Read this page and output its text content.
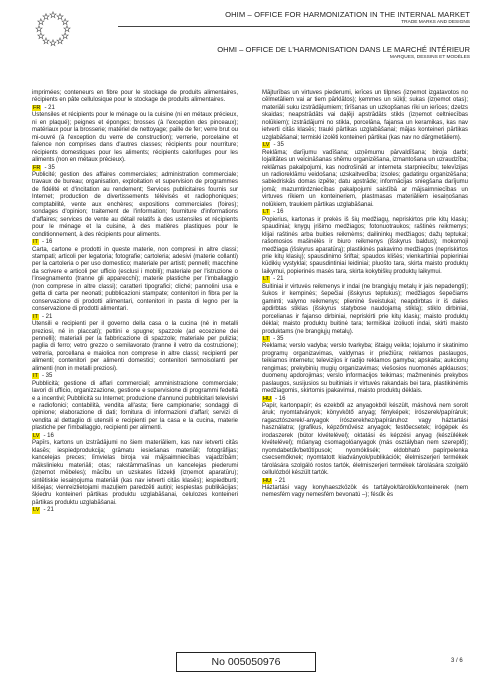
OHIM – OFFICE FOR HARMONIZATION IN THE INTERNAL MARKET
TRADE MARKS AND DESIGNS
OHMI – OFFICE DE L'HARMONISATION DANS LE MARCHÉ INTÉRIEUR
MARQUES, DESSINS ET MODÈLES
imprimées; conteneurs en fibre pour le stockage de produits alimentaires, récipients en pâte cellulosique pour le stockage de produits alimentaires.
FR - 21
Ustensiles et récipients pour le ménage ou la cuisine (ni en métaux précieux, ni en plaqué); peignes et éponges; brosses (à l'exception des pinceaux); matériaux pour la brosserie; matériel de nettoyage; paille de fer; verre brut ou mi-ouvré (à l'exception du verre de construction); verrerie, porcelaine et faïence non comprises dans d'autres classes; récipients pour nourriture; récipients domestiques pour les aliments; récipients calorifuges pour les aliments (non en métaux précieux).
FR - 35
Publicité; gestion des affaires commerciales; administration commerciale; travaux de bureau; organisation, exploitation et supervision de programmes de fidélité et d'incitation au rendement; Services publicitaires fournis sur Internet; production de divertissements télévisés et radiophoniques; comptabilité, vente aux enchères; expositions commerciales (foires); sondages d'opinion; traitement de l'information; fourniture d'informations d'affaires; services de vente au détail relatifs à des ustensiles et récipients pour le ménage et la cuisine, à des matières plastiques pour le conditionnement, à des récipients pour aliments.
IT - 16
Carta, cartone e prodotti in queste materie, non compresi in altre classi; stampati; articoli per legatoria; fotografie; cartoleria; adesivi (materie collanti) per la cartoleria o per uso domestico; materiale per artisti; pennelli; macchine da scrivere e articoli per ufficio (esclusi i mobili); materiale per l'istruzione o l'insegnamento (tranne gli apparecchi); materie plastiche per l'imballaggio (non comprese in altre classi); caratteri tipografici; cliché; pannolini usa e getta di carta per neonati; pubblicazioni stampate; contenitori in fibra per la conservazione di prodotti alimentari, contenitori in pasta di legno per la conservazione di prodotti alimentari.
IT - 21
Utensili e recipienti per il governo della casa o la cucina (né in metalli preziosi, né in placcati); pettini e spugne; spazzole (ad eccezione dei pennelli); materiali per la fabbricazione di spazzole; materiale per pulizia; paglia di ferro; vetro grezzo o semilavorato (tranne il vetro da costruzione); vetreria, porcellana e maiolica non comprese in altre classi; recipienti per alimenti; contenitori per alimenti domestici; contenitori termoisolanti per alimenti (non in metalli preziosi).
IT - 35
Pubblicità; gestione di affari commerciali; amministrazione commerciale; lavori di ufficio, organizzazione, gestione e supervisione di programmi fedeltà e a incentivi; Pubblicità su Internet; produzione d'annunci pubblicitari televisivi e radiofonici; contabilità, vendita all'asta; fiere campionarie; sondaggi di opinione; elaborazione di dati; fornitura di informazioni d'affari; servizi di vendita al dettaglio di utensili e recipienti per la casa e la cucina, materie plastiche per l'imballaggio, recipienti per alimenti.
LV - 16
Papīrs, kartons un izstrādājumi no šiem materiāliem, kas nav ietverti citās klasēs; iespiedprodukcija; grāmatu iesiešanas materiāli; fotogrāfijas; kancelejas preces; līmvielas biroja vai mājsaimniecības vajadzībām; mākslinieku materiāli; otas; rakstāmmašīnas un kancelejas piederumi (izņemot mēbeles); mācību un uzskates līdzekļi (izņemot aparatūru); sintētiskie iesaiņojuma materiāli (kas nav ietverti citās klasēs); iespiedburti; klišejas; vienreizlietojami mazuļiem paredzēti autiņi; iespiestas publikācijas; šķiedru konteineri pārtikas produktu uzglabāšanai, celulozes konteineri pārtikas produktu uzglabāšanai.
LV - 21
Mājturības un virtuves piederumi, ierīces un tilpnes (izņemot izgatavotos no cēlmetāliem vai ar tiem pārklātos); ķemmes un sūkļi; sukas (izņemot otas); materiāli suku izstrādājumiem; tīrīšanas un uzkopšanas rīki un ierīces; dzelzs skaidas; neapstrādāts vai daļēji apstrādāts stikls (izņemot celtniecības nolūkiem); izstrādājumi no stikla, porcelāna, fajansa un keramikas, kas nav ietverti citās klasēs; trauki pārtikas uzglabāšanai; mājas konteineri pārtikas uzglabāšanai; termiski izolēti konteineri pārtikai (kas nav no dārgmetāliem).
LV - 35
Reklāma; darījumu vadīšana; uzņēmumu pārvaldīšana; biroja darbi; lojalitātes un veicināšanas shēmu organizēšana, izmantošana un uzraudzība; reklāmas pakalpojumi, kas nodrošināti ar interneta starpniecību; televīzijas un radioreklāmu veidošana; uzskaitvedība; izsoles; gadatirgu organizēšana; sabiedriskās domas izpēte; datu apstrāde; informācijas sniegšana darījumu jomā; mazumtirdzniecības pakalpojumi saistībā ar mājsaimniecības un virtuves rīkiem un konteineriem, plastmasas materiāliem iesaiņošanas nolūkiem, traukiem pārtikas uzglabāšanai.
LT - 16
Popierius, kartonas ir prekės iš šių medžiagų, nepriskirtos prie kitų klasių; spaudiniai; knygų įrišimo medžiagos; fotonuotraukos; raštinės reikmenys; klijai raštinės arba buities reikmėms; dailininkų medžiagos; dažų teptukai; rašomosios mašinėlės ir biuro reikmenys (išskyrus baldus); mokomoji medžiaga (išskyrus aparatūrą); plastikinės pakavimo medžiagos (nepriskirtos prie kitų klasių); spausdinimo šriftai; spaudos klišės; vienkartiniai popieriniai kūdikių vystyklai; spausdintiniai leidiniai; pluošto tara, skirta maisto produktų laikymui, popierinės masės tara, skirta kokybiškų produktų laikymui.
LT - 21
Buitiniai ir virtuvės reikmenys ir indai (ne brangiųjų metalų ir jais nepadengti); šukos ir kempinės; šepečiai (išskyrus teptukus); medžiagos šepečiams gaminti; valymo reikmenys; plieninė šveistukai; neapdirbtas ir iš dalies apdirbtas stiklas (išskyrus statybose naudojamą stiklą); stiklo dirbiniai, porcelianas ir fajanso dirbiniai, nepriskirti prie kitų klasių; maisto produktų dėklai; maisto produktų buitinė tara; termiškai izoliuoti indai, skirti maisto produktams (ne brangiųjų metalų).
LT - 35
Reklama; verslo vadyba; verslo tvarkybа; ištaigų veikla; lojalumo ir skatinimo programų organizavimas, valdymas ir priežiūra; reklamos paslaugos, teikiamos internetu; televizijos ir radijo reklamos gamyba; apskaita; aukcionų rengimas; prekybinių mugių organizavimas; viešosios nuomonės apklausos; duomenų apdorojimas; verslo informacijos teikimas; mažmeninės prekybos paslaugos, susijusios su buitiniais ir virtuvės rakandais bei tara, plastikinėmis medžiagomis, skirtomis įpakavimui, maisto produktų dėklais.
HU - 16
Papír, kartonpapír; és ezekből az anyagokból készült, máshová nem sorolt áruk; nyomtatványok; könyvkötő anyag; fényképek; írószerek/papíráruk; ragasztószerek/-anyagok írószerekhez/papíráruhoz vagy háztartási használatra; (grafikus, képzőművész anyagok; festőecsetek; írógépek és irodaszerek (bútor kivételével); oktatási és képzési anyag (készülékek kivételével); műanyag csomagolóanyagok (más osztályban nem szereplő); nyomdabetűk/betűtípusok; nyomóklisék; eldobható papírpelenka csecsemőknek; nyomtatott kiadványok/publikációk; élelmiszerjeri termékek tárolására szolgáló rostos tartók, élelmiszerjeri termékek tárolására szolgáló cellulózból készült tartók.
HU - 21
Háztartási vagy konyhaeszközök és tartályok/tárolók/konteinerek (nem nemesfém vagy nemesfém bevonatú –); fésűk és
No 005050976	3 / 6
